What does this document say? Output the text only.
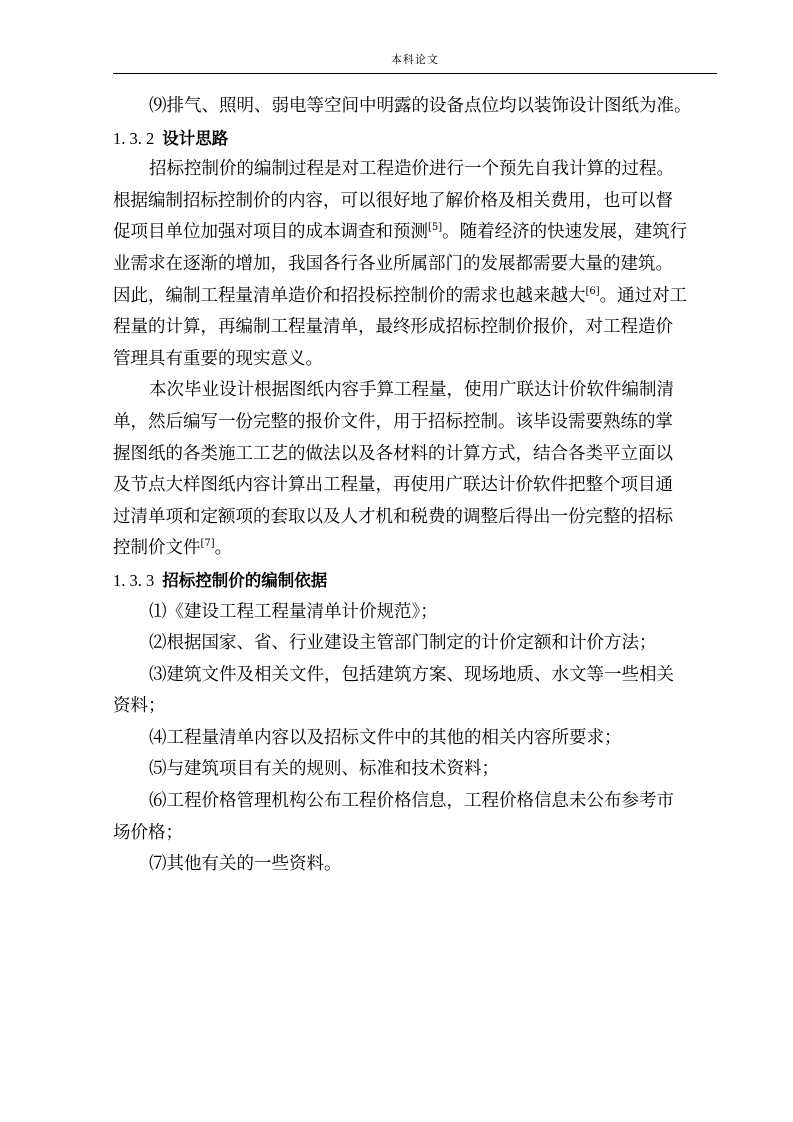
本科论文
⑼排气、照明、弱电等空间中明露的设备点位均以装饰设计图纸为准。
1. 3. 2 设计思路
招标控制价的编制过程是对工程造价进行一个预先自我计算的过程。
根据编制招标控制价的内容，可以很好地了解价格及相关费用，也可以督
促项目单位加强对项目的成本调查和预测[5]。随着经济的快速发展，建筑行
业需求在逐渐的增加，我国各行各业所属部门的发展都需要大量的建筑。
因此，编制工程量清单造价和招投标控制价的需求也越来越大[6]。通过对工
程量的计算，再编制工程量清单，最终形成招标控制价报价，对工程造价
管理具有重要的现实意义。
本次毕业设计根据图纸内容手算工程量，使用广联达计价软件编制清
单，然后编写一份完整的报价文件，用于招标控制。该毕设需要熟练的掌
握图纸的各类施工工艺的做法以及各材料的计算方式，结合各类平立面以
及节点大样图纸内容计算出工程量，再使用广联达计价软件把整个项目通
过清单项和定额项的套取以及人才机和税费的调整后得出一份完整的招标
控制价文件[7]。
1. 3. 3 招标控制价的编制依据
⑴《建设工程工程量清单计价规范》；
⑵根据国家、省、行业建设主管部门制定的计价定额和计价方法；
⑶建筑文件及相关文件，包括建筑方案、现场地质、水文等一些相关
资料；
⑷工程量清单内容以及招标文件中的其他的相关内容所要求；
⑸与建筑项目有关的规则、标准和技术资料；
⑹工程价格管理机构公布工程价格信息，工程价格信息未公布参考市
场价格；
⑺其他有关的一些资料。
